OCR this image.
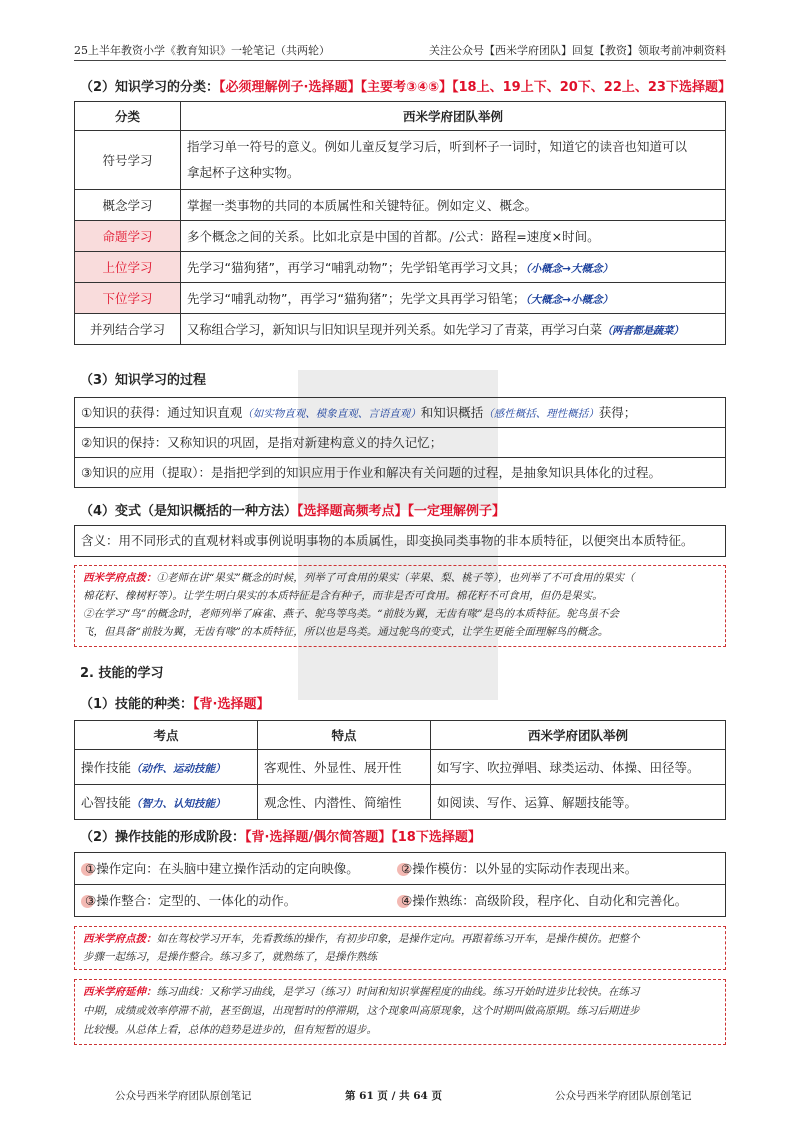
25上半年教资小学《教育知识》一轮笔记（共两轮）	关注公众号【西米学府团队】回复【教资】领取考前冲刺资料
（2）知识学习的分类：【必须理解例子·选择题】【主要考③④⑤】【18上、19上下、20下、22上、23下选择题】
分类	西米学府团队举例
符号学习	指学习单一符号的意义。例如儿童反复学习后，听到杯子一词时，知道它的读音也知道可以
拿起杯子这种实物。
概念学习	掌握一类事物的共同的本质属性和关键特征。例如定义、概念。
命题学习	多个概念之间的关系。比如北京是中国的首都。/公式：路程=速度×时间。
上位学习	先学习“猫狗猪”，再学习“哺乳动物”；先学铅笔再学习文具；（小概念→大概念）
下位学习	先学习“哺乳动物”，再学习“猫狗猪”；先学文具再学习铅笔；（大概念→小概念）
并列结合学习	又称组合学习，新知识与旧知识呈现并列关系。如先学习了青菜，再学习白菜（两者都是蔬菜）
（3）知识学习的过程
①知识的获得：通过知识直观（如实物直观、模象直观、言语直观）和知识概括（感性概括、理性概括）获得；
②知识的保持：又称知识的巩固，是指对新建构意义的持久记忆；
③知识的应用（提取）：是指把学到的知识应用于作业和解决有关问题的过程，是抽象知识具体化的过程。
（4）变式（是知识概括的一种方法）【选择题高频考点】【一定理解例子】
含义：用不同形式的直观材料或事例说明事物的本质属性，即变换同类事物的非本质特征，以便突出本质特征。
西米学府点拨：①老师在讲“果实”概念的时候，列举了可食用的果实（苹果、梨、桃子等），也列举了不可食用的果实（
棉花籽、橡树籽等）。让学生明白果实的本质特征是含有种子，而非是否可食用。棉花籽不可食用，但仍是果实。
②在学习“鸟”的概念时，老师列举了麻雀、燕子、鸵鸟等鸟类。“前肢为翼，无齿有喙”是鸟的本质特征。鸵鸟虽不会
飞，但具备“前肢为翼，无齿有喙”的本质特征，所以也是鸟类。通过鸵鸟的变式，让学生更能全面理解鸟的概念。
2. 技能的学习
（1）技能的种类：【背·选择题】
考点	特点	西米学府团队举例
操作技能（动作、运动技能）	客观性、外显性、展开性	如写字、吹拉弹唱、球类运动、体操、田径等。
心智技能（智力、认知技能）	观念性、内潜性、简缩性	如阅读、写作、运算、解题技能等。
（2）操作技能的形成阶段：【背·选择题/偶尔简答题】【18下选择题】
①操作定向：在头脑中建立操作活动的定向映像。	②操作模仿：以外显的实际动作表现出来。
③操作整合：定型的、一体化的动作。	④操作熟练：高级阶段，程序化、自动化和完善化。
西米学府点拨：如在驾校学习开车，先看教练的操作，有初步印象，是操作定向。再跟着练习开车，是操作模仿。把整个
步骤一起练习，是操作整合。练习多了，就熟练了，是操作熟练
西米学府延伸：练习曲线：又称学习曲线，是学习（练习）时间和知识掌握程度的曲线。练习开始时进步比较快。在练习
中期，成绩或效率停滞不前，甚至倒退，出现暂时的停滞期，这个现象叫高原现象，这个时期叫做高原期。练习后期进步
比较慢。从总体上看，总体的趋势是进步的，但有短暂的退步。
公众号西米学府团队原创笔记	第 61 页 / 共 64 页	公众号西米学府团队原创笔记
